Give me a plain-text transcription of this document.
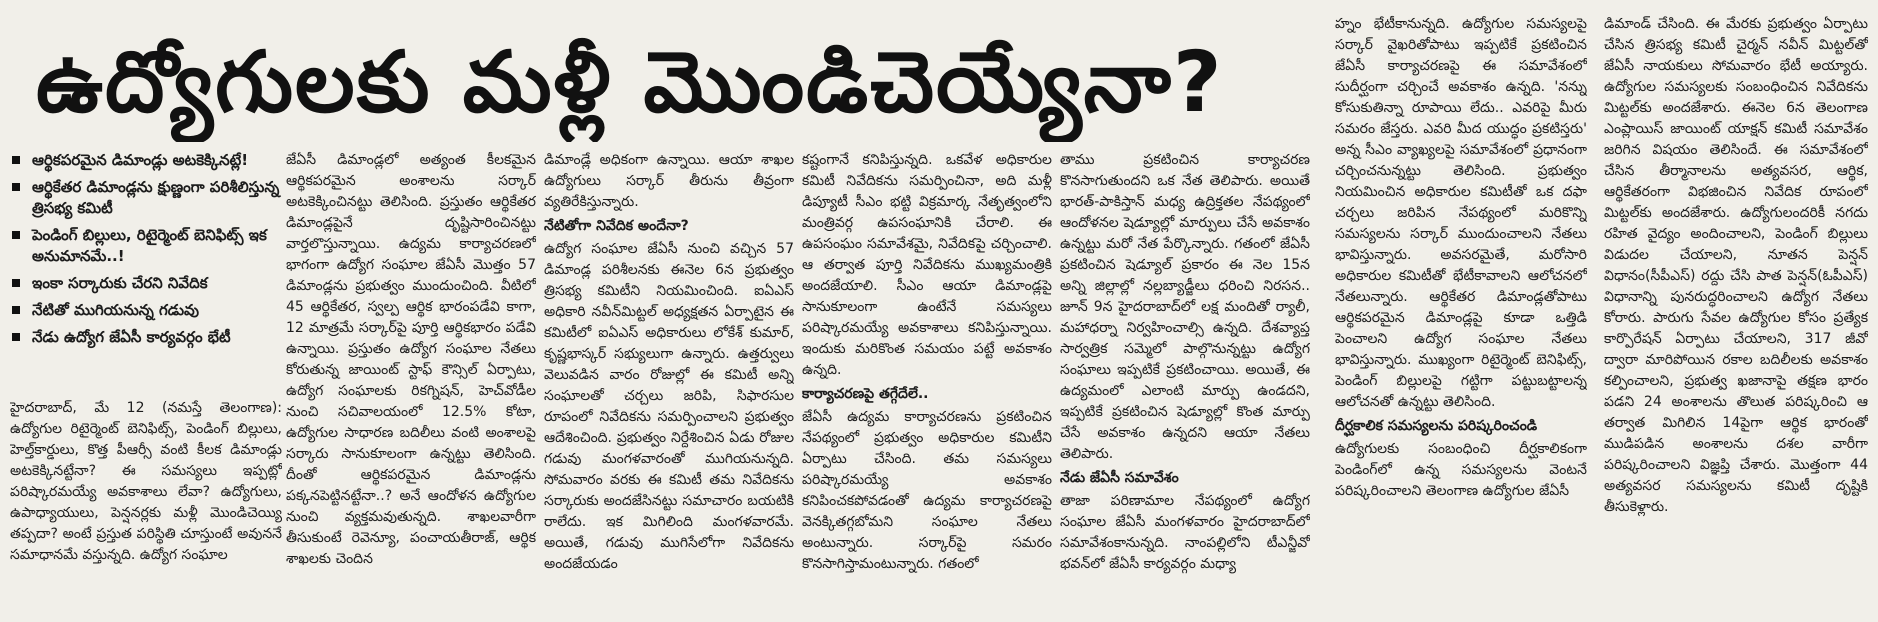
ఉద్యోగులకు మళ్లీ మొండిచెయ్యేనా?
ఆర్థికపరమైన డిమాండ్లు అటకెక్కినట్లే!
ఆర్థికేతర డిమాండ్లను క్షుణ్ణంగా పరిశీలిస్తున్న త్రిసభ్య కమిటీ
పెండింగ్ బిల్లులు, రిటైర్మెంట్ బెనిఫిట్స్ ఇక అనుమానమే..!
ఇంకా సర్కారుకు చేరని నివేదిక
నేటితో ముగియనున్న గడువు
నేడు ఉద్యోగ జేఏసీ కార్యవర్గం భేటీ

హైదరాబాద్, మే 12 (నమస్తే తెలంగాణ): ఉద్యోగుల రిటైర్మెంట్ బెనిఫిట్స్, పెండింగ్ బిల్లులు, హెల్త్‌కార్డులు, కొత్త పీఆర్సీ వంటి కీలక డిమాండ్లు అటకెక్కినట్టేనా? ఈ సమస్యలు ఇప్పట్లో పరిష్కారమయ్యే అవకాశాలు లేవా? ఉద్యోగులు, ఉపాధ్యాయులు, పెన్షనర్లకు మళ్లీ మొండిచెయ్యి తప్పదా? అంటే ప్రస్తుత పరిస్థితి చూస్తుంటే అవుననే సమాధానమే వస్తున్నది. ఉద్యోగ సంఘాల

జేఏసీ డిమాండ్లలో అత్యంత కీలకమైన ఆర్థికపరమైన అంశాలను సర్కార్ అటకెక్కించినట్టు తెలిసింది. ప్రస్తుతం ఆర్థికేతర డిమాండ్లపైనే దృష్టిసారించినట్టు వార్తలొస్తున్నాయి. ఉద్యమ కార్యాచరణలో భాగంగా ఉద్యోగ సంఘాల జేఏసీ మొత్తం 57 డిమాండ్లను ప్రభుత్వం ముందుంచింది. వీటిలో 45 ఆర్థికేతర, స్వల్ప ఆర్థిక భారంపడేవి కాగా, 12 మాత్రమే సర్కార్‌పై పూర్తి ఆర్థికభారం పడేవి ఉన్నాయి. ప్రస్తుతం ఉద్యోగ సంఘాల నేతలు కోరుతున్న జాయింట్ స్టాఫ్ కౌన్సిల్ ఏర్పాటు, ఉద్యోగ సంఘాలకు రికగ్నిషన్, హెచ్‌వోడీల నుంచి సచివాలయంలో 12.5% కోటా, ఉద్యోగుల సాధారణ బదిలీలు వంటి అంశాలపై సర్కారు సానుకూలంగా ఉన్నట్టు తెలిసింది. దీంతో ఆర్థికపరమైన డిమాండ్లను పక్కనపెట్టినట్టేనా..? అనే ఆందోళన ఉద్యోగుల నుంచి వ్యక్తమవుతున్నది. శాఖలవారీగా తీసుకుంటే రెవెన్యూ, పంచాయతీరాజ్, ఆర్థిక శాఖలకు చెందిన

డిమాండ్లే అధికంగా ఉన్నాయి. ఆయా శాఖల ఉద్యోగులు సర్కార్ తీరును తీవ్రంగా వ్యతిరేకిస్తున్నారు.

నేటితోగా నివేదిక అందేనా?

ఉద్యోగ సంఘాల జేఏసీ నుంచి వచ్చిన 57 డిమాండ్ల పరిశీలనకు ఈనెల 6న ప్రభుత్వం త్రిసభ్య కమిటీని నియమించింది. ఐఏఎస్ అధికారి నవీన్‌మిట్టల్ అధ్యక్షతన ఏర్పాటైన ఈ కమిటీలో ఐఏఎస్ అధికారులు లోకేశ్ కుమార్, కృష్ణభాస్కర్ సభ్యులుగా ఉన్నారు. ఉత్తర్వులు వెలువడిన వారం రోజుల్లో ఈ కమిటీ అన్ని సంఘాలతో చర్చలు జరిపి, సిఫారసుల రూపంలో నివేదికను సమర్పించాలని ప్రభుత్వం ఆదేశించింది. ప్రభుత్వం నిర్దేశించిన ఏడు రోజుల గడువు మంగళవారంతో ముగియనున్నది. సోమవారం వరకు ఈ కమిటీ తమ నివేదికను సర్కారుకు అందజేసినట్టు సమాచారం బయటికి రాలేదు. ఇక మిగిలింది మంగళవారమే. అయితే, గడువు ముగిసేలోగా నివేదికను అందజేయడం

కష్టంగానే కనిపిస్తున్నది. ఒకవేళ అధికారుల కమిటీ నివేదికను సమర్పించినా, అది మళ్లీ డిప్యూటీ సీఎం భట్టి విక్రమార్క నేతృత్వంలోని మంత్రివర్గ ఉపసంఘానికి చేరాలి. ఈ ఉపసంఘం సమావేశమై, నివేదికపై చర్చించాలి. ఆ తర్వాత పూర్తి నివేదికను ముఖ్యమంత్రికి అందజేయాలి. సీఎం ఆయా డిమాండ్లపై సానుకూలంగా ఉంటేనే సమస్యలు పరిష్కారమయ్యే అవకాశాలు కనిపిస్తున్నాయి. ఇందుకు మరికొంత సమయం పట్టే అవకాశం ఉన్నది.

కార్యాచరణపై తగ్గేదేలే..

జేఏసీ ఉద్యమ కార్యాచరణను ప్రకటించిన నేపథ్యంలో ప్రభుత్వం అధికారుల కమిటీని ఏర్పాటు చేసింది. తమ సమస్యలు పరిష్కారమయ్యే అవకాశం కనిపించకపోవడంతో ఉద్యమ కార్యాచరణపై వెనక్కితగ్గబోమని సంఘాల నేతలు అంటున్నారు. సర్కార్‌పై సమరం కొనసాగిస్తామంటున్నారు. గతంలో

తాము ప్రకటించిన కార్యాచరణ కొనసాగుతుందని ఒక నేత తెలిపారు. అయితే భారత్-పాకిస్తాన్ మధ్య ఉద్రిక్తతల నేపథ్యంలో ఆందోళనల షెడ్యూల్లో మార్పులు చేసే అవకాశం ఉన్నట్టు మరో నేత పేర్కొన్నారు. గతంలో జేఏసీ ప్రకటించిన షెడ్యూల్ ప్రకారం ఈ నెల 15న అన్ని జిల్లాల్లో నల్లబ్యాడ్జీలు ధరించి నిరసన.. జూన్ 9న హైదరాబాద్‌లో లక్ష మందితో ర్యాలీ, మహాధర్నా నిర్వహించాల్సి ఉన్నది. దేశవ్యాప్త సార్వత్రిక సమ్మెలో పాల్గొనున్నట్టు ఉద్యోగ సంఘాలు ఇప్పటికే ప్రకటించాయి. అయితే, ఈ ఉద్యమంలో ఎలాంటి మార్పు ఉండదని, ఇప్పటికే ప్రకటించిన షెడ్యూల్లో కొంత మార్పు చేసే అవకాశం ఉన్నదని ఆయా నేతలు తెలిపారు.

నేడు జేఏసీ సమావేశం

తాజా పరిణామాల నేపథ్యంలో ఉద్యోగ సంఘాల జేఏసీ మంగళవారం హైదరాబాద్‌లో సమావేశంకానున్నది. నాంపల్లిలోని టీఎన్జీవో భవన్‌లో జేఏసీ కార్యవర్గం మధ్యా

హ్నం భేటీకానున్నది. ఉద్యోగుల సమస్యలపై సర్కార్ వైఖరితోపాటు ఇప్పటికే ప్రకటించిన జేఏసీ కార్యాచరణపై ఈ సమావేశంలో సుదీర్ఘంగా చర్చించే అవకాశం ఉన్నది. 'నన్ను కోసుకుతిన్నా రూపాయి లేదు.. ఎవరిపై మీరు సమరం జేస్తరు. ఎవరి మీద యుద్ధం ప్రకటిస్తరు' అన్న సీఎం వ్యాఖ్యలపై సమావేశంలో ప్రధానంగా చర్చించనున్నట్టు తెలిసింది. ప్రభుత్వం నియమించిన అధికారుల కమిటీతో ఒక దఫా చర్చలు జరిపిన నేపథ్యంలో మరికొన్ని సమస్యలను సర్కార్ ముందుంచాలని నేతలు భావిస్తున్నారు. అవసరమైతే, మరోసారి అధికారుల కమిటీతో భేటీకావాలని ఆలోచనలో నేతలున్నారు. ఆర్థికేతర డిమాండ్లతోపాటు ఆర్థికపరమైన డిమాండ్లపై కూడా ఒత్తిడి పెంచాలని ఉద్యోగ సంఘాల నేతలు భావిస్తున్నారు. ముఖ్యంగా రిటైర్మెంట్ బెనిఫిట్స్, పెండింగ్ బిల్లులపై గట్టిగా పట్టుబట్టాలన్న ఆలోచనతో ఉన్నట్టు తెలిసింది.

దీర్ఘకాలిక సమస్యలను పరిష్కరించండి

ఉద్యోగులకు సంబంధించి దీర్ఘకాలికంగా పెండింగ్‌లో ఉన్న సమస్యలను వెంటనే పరిష్కరించాలని తెలంగాణ ఉద్యోగుల జేఏసీ

డిమాండ్ చేసింది. ఈ మేరకు ప్రభుత్వం ఏర్పాటు చేసిన త్రిసభ్య కమిటీ చైర్మన్ నవీన్ మిట్టల్‌తో జేఏసీ నాయకులు సోమవారం భేటీ అయ్యారు. ఉద్యోగుల సమస్యలకు సంబంధించిన నివేదికను మిట్టల్‌కు అందజేశారు. ఈనెల 6న తెలంగాణ ఎంప్లాయిస్ జాయింట్ యాక్షన్ కమిటీ సమావేశం జరిగిన విషయం తెలిసిందే. ఈ సమావేశంలో చేసిన తీర్మానాలను అత్యవసర, ఆర్థిక, ఆర్థికేతరంగా విభజించిన నివేదిక రూపంలో మిట్టల్‌కు అందజేశారు. ఉద్యోగులందరికీ నగదు రహిత వైద్యం అందించాలని, పెండింగ్ బిల్లులు విడుదల చేయాలని, నూతన పెన్షన్ విధానం(సీపీఎస్) రద్దు చేసి పాత పెన్షన్(ఓపీఎస్) విధానాన్ని పునరుద్ధరించాలని ఉద్యోగ నేతలు కోరారు. పారుగు సేవల ఉద్యోగుల కోసం ప్రత్యేక కార్పొరేషన్ ఏర్పాటు చేయాలని, 317 జీవో ద్వారా మారిపోయిన రకాల బదిలీలకు అవకాశం కల్పించాలని, ప్రభుత్వ ఖజానాపై తక్షణ భారం పడని 24 అంశాలను తొలుత పరిష్కరించి ఆ తర్వాత మిగిలిన 14పైగా ఆర్థిక భారంతో ముడిపడిన అంశాలను దశల వారీగా పరిష్కరించాలని విజ్ఞప్తి చేశారు. మొత్తంగా 44 అత్యవసర సమస్యలను కమిటీ దృష్టికి తీసుకెళ్లారు.
